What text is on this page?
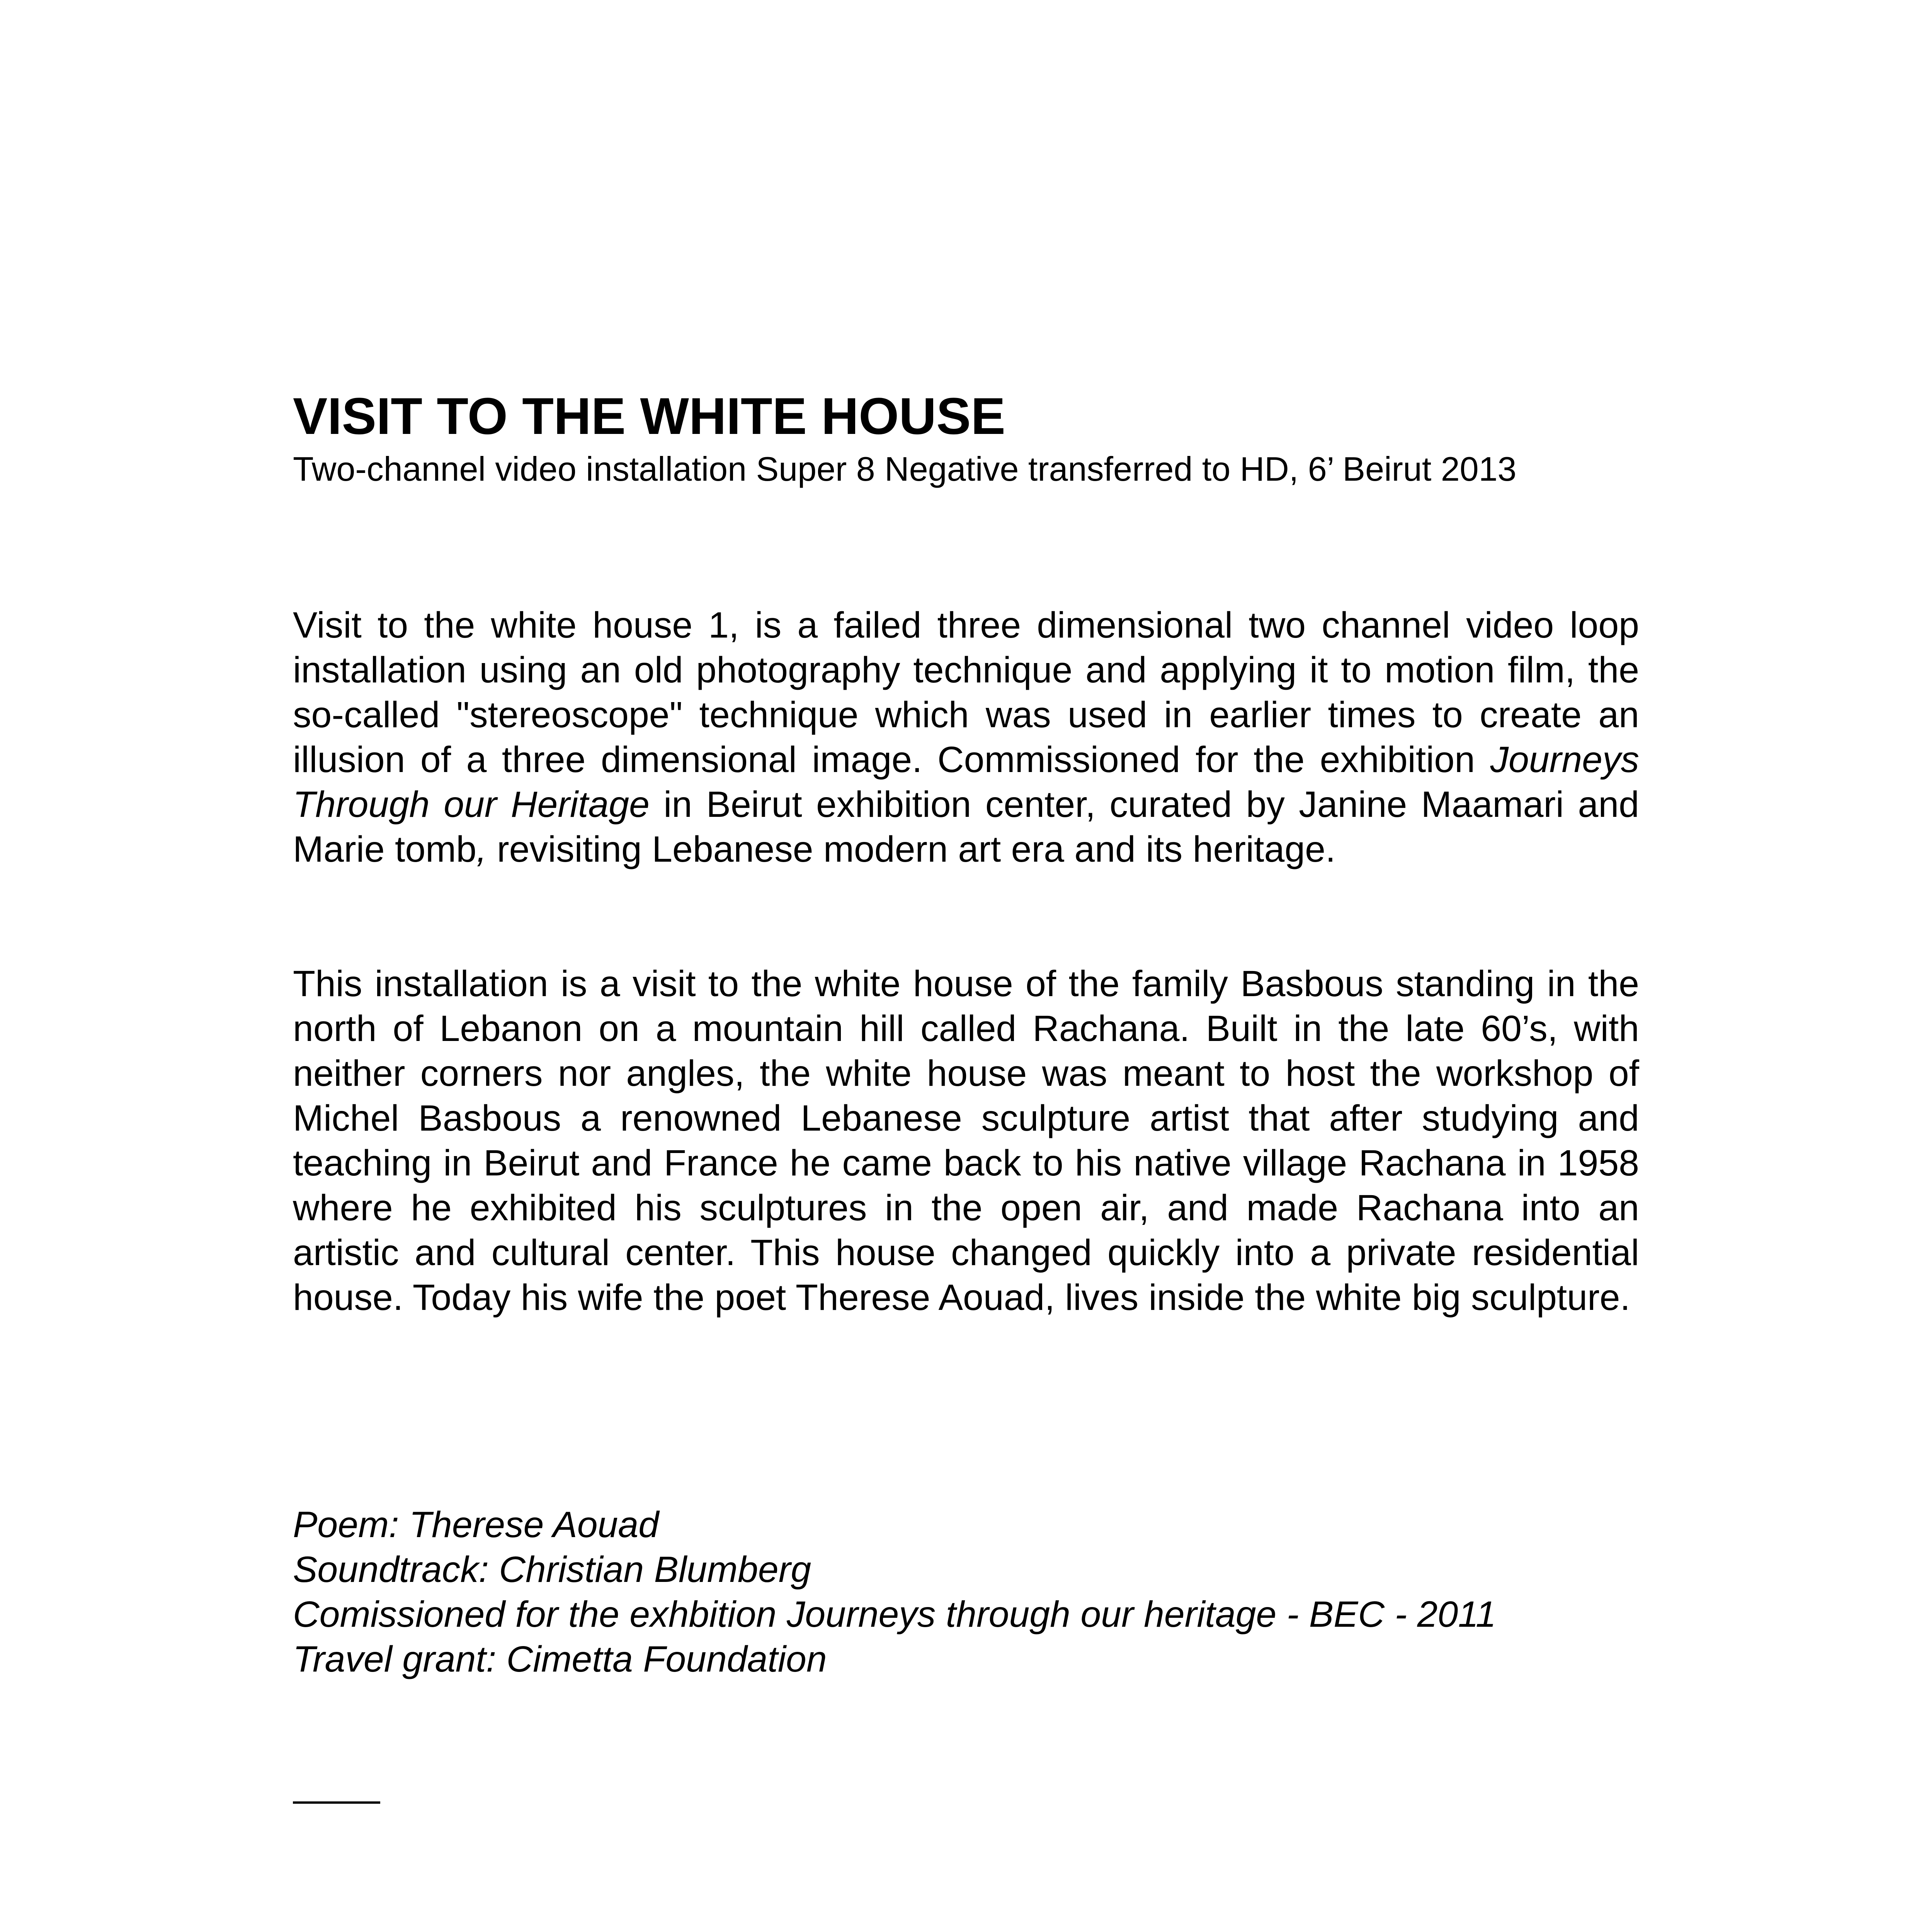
VISIT TO THE WHITE HOUSE

Two-channel video installation Super 8 Negative transferred to HD, 6’ Beirut 2013

Visit to the white house 1, is a failed three dimensional two channel video loop installation using an old photography technique and applying it to motion film, the so-called "stereoscope" technique which was used in earlier times to create an illusion of a three dimensional image. Commissioned for the exhibition Journeys Through our Heritage in Beirut exhibition center, curated by Janine Maamari and Marie tomb, revisiting Lebanese modern art era and its heritage.

This installation is a visit to the white house of the family Basbous standing in the north of Lebanon on a mountain hill called Rachana. Built in the late 60’s, with neither corners nor angles, the white house was meant to host the workshop of Michel Basbous a renowned Lebanese sculpture artist that after studying and teaching in Beirut and France he came back to his native village Rachana in 1958 where he exhibited his sculptures in the open air, and made Rachana into an artistic and cultural center. This house changed quickly into a private residential house. Today his wife the poet Therese Aouad, lives inside the white big sculpture.

Poem: Therese Aouad
Soundtrack: Christian Blumberg
Comissioned for the exhbition Journeys through our heritage - BEC - 2011
Travel grant: Cimetta Foundation
